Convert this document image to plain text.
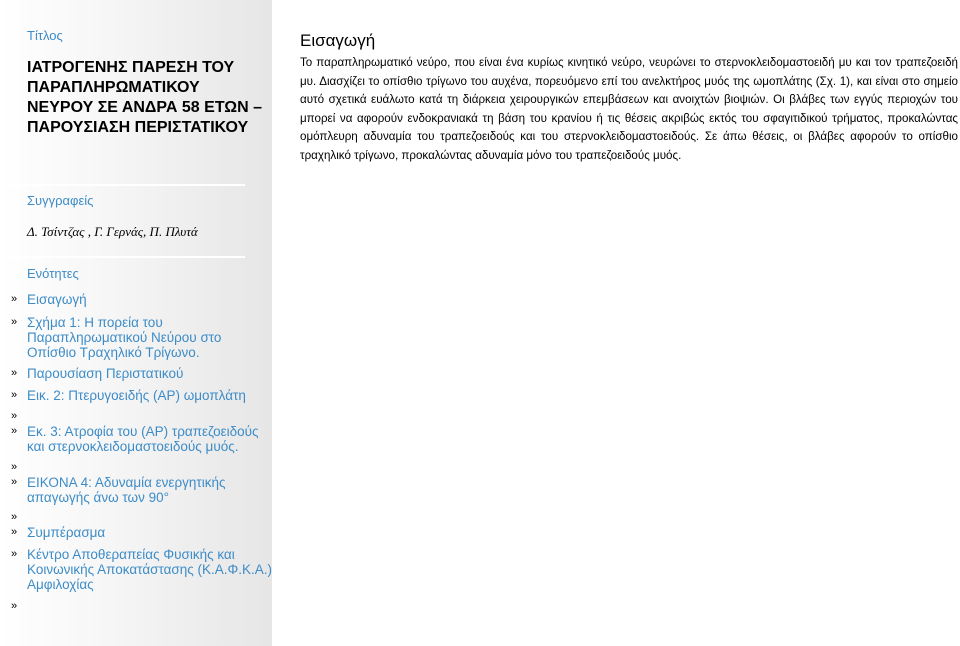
Τίτλος
ΙΑΤΡΟΓΕΝΗΣ ΠΑΡΕΣΗ ΤΟΥ ΠΑΡΑΠΛΗΡΩΜΑΤΙΚΟΥ ΝΕΥΡΟΥ ΣΕ ΑΝΔΡΑ 58 ΕΤΩΝ – ΠΑΡΟΥΣΙΑΣΗ ΠΕΡΙΣΤΑΤΙΚΟΥ
Συγγραφείς

Δ. Τσίντζας , Γ. Γερνάς, Π. Πλυτά

Ενότητες
» Εισαγωγή
» Σχήμα 1: Η πορεία του Παραπληρωματικού Νεύρου στο Οπίσθιο Τραχηλικό Τρίγωνο.
» Παρουσίαση Περιστατικού
» Εικ. 2: Πτερυγοειδής (ΑΡ) ωμοπλάτη
»
» Εκ. 3: Ατροφία του (ΑΡ) τραπεζοειδούς και στερνοκλειδομαστοειδούς μυός.
»
» ΕΙΚΟΝΑ 4: Αδυναμία ενεργητικής απαγωγής άνω των 90°
»
» Συμπέρασμα
» Κέντρο Αποθεραπείας Φυσικής και Κοινωνικής Αποκατάστασης (Κ.Α.Φ.Κ.Α.) Αμφιλοχίας
»
Εισαγωγή

Το παραπληρωματικό νεύρο, που είναι ένα κυρίως κινητικό νεύρο, νευρώνει το στερνοκλειδομαστοειδή μυ και τον τραπεζοειδή μυ. Διασχίζει το οπίσθιο τρίγωνο του αυχένα, πορευόμενο επί του ανελκτήρος μυός της ωμοπλάτης (Σχ. 1), και είναι στο σημείο αυτό σχετικά ευάλωτο κατά τη διάρκεια χειρουργικών επεμβάσεων και ανοιχτών βιοψιών. Οι βλάβες των εγγύς περιοχών του μπορεί να αφορούν ενδοκρανιακά τη βάση του κρανίου ή τις θέσεις ακριβώς εκτός του σφαγιτιδικού τρήματος, προκαλώντας ομόπλευρη αδυναμία του τραπεζοειδούς και του στερνοκλειδομαστοειδούς. Σε άπω θέσεις, οι βλάβες αφορούν το οπίσθιο τραχηλικό τρίγωνο, προκαλώντας αδυναμία μόνο του τραπεζοειδούς μυός.
